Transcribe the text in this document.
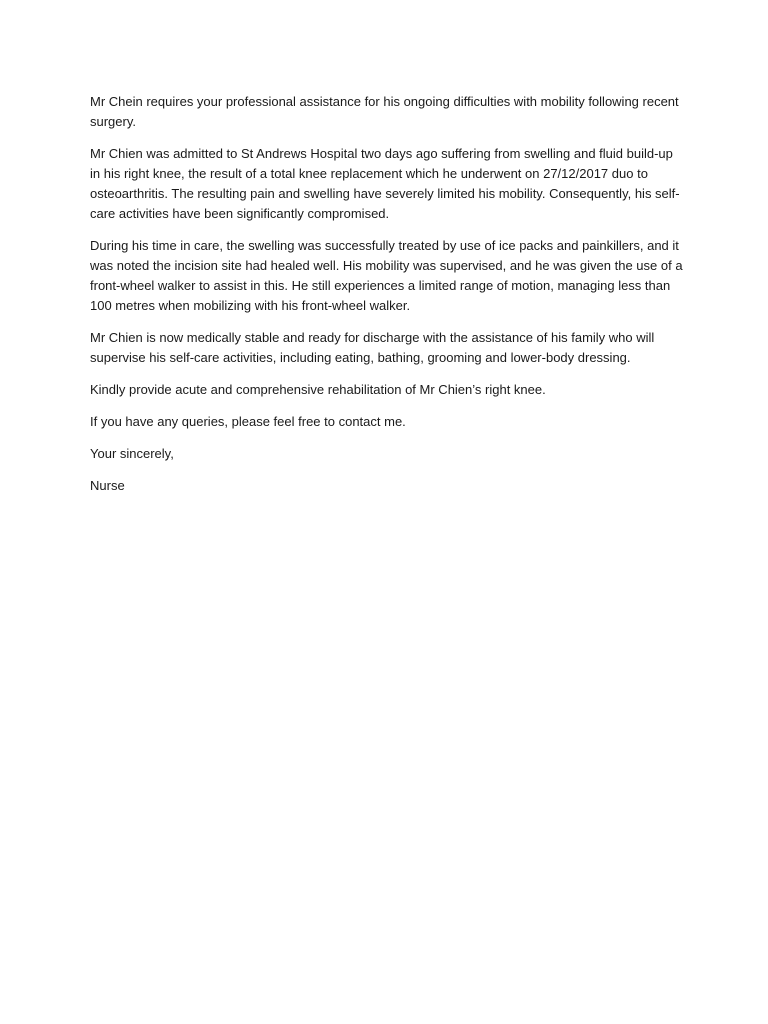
Mr Chein requires your professional assistance for his ongoing difficulties with mobility following recent surgery.

Mr Chien was admitted to St Andrews Hospital two days ago suffering from swelling and fluid build-up in his right knee, the result of a total knee replacement which he underwent on 27/12/2017 duo to osteoarthritis. The resulting pain and swelling have severely limited his mobility. Consequently, his self-care activities have been significantly compromised.

During his time in care, the swelling was successfully treated by use of ice packs and painkillers, and it was noted the incision site had healed well. His mobility was supervised, and he was given the use of a front-wheel walker to assist in this. He still experiences a limited range of motion, managing less than 100 metres when mobilizing with his front-wheel walker.

Mr Chien is now medically stable and ready for discharge with the assistance of his family who will supervise his self-care activities, including eating, bathing, grooming and lower-body dressing.

Kindly provide acute and comprehensive rehabilitation of Mr Chien’s right knee.

If you have any queries, please feel free to contact me.

Your sincerely,

Nurse
